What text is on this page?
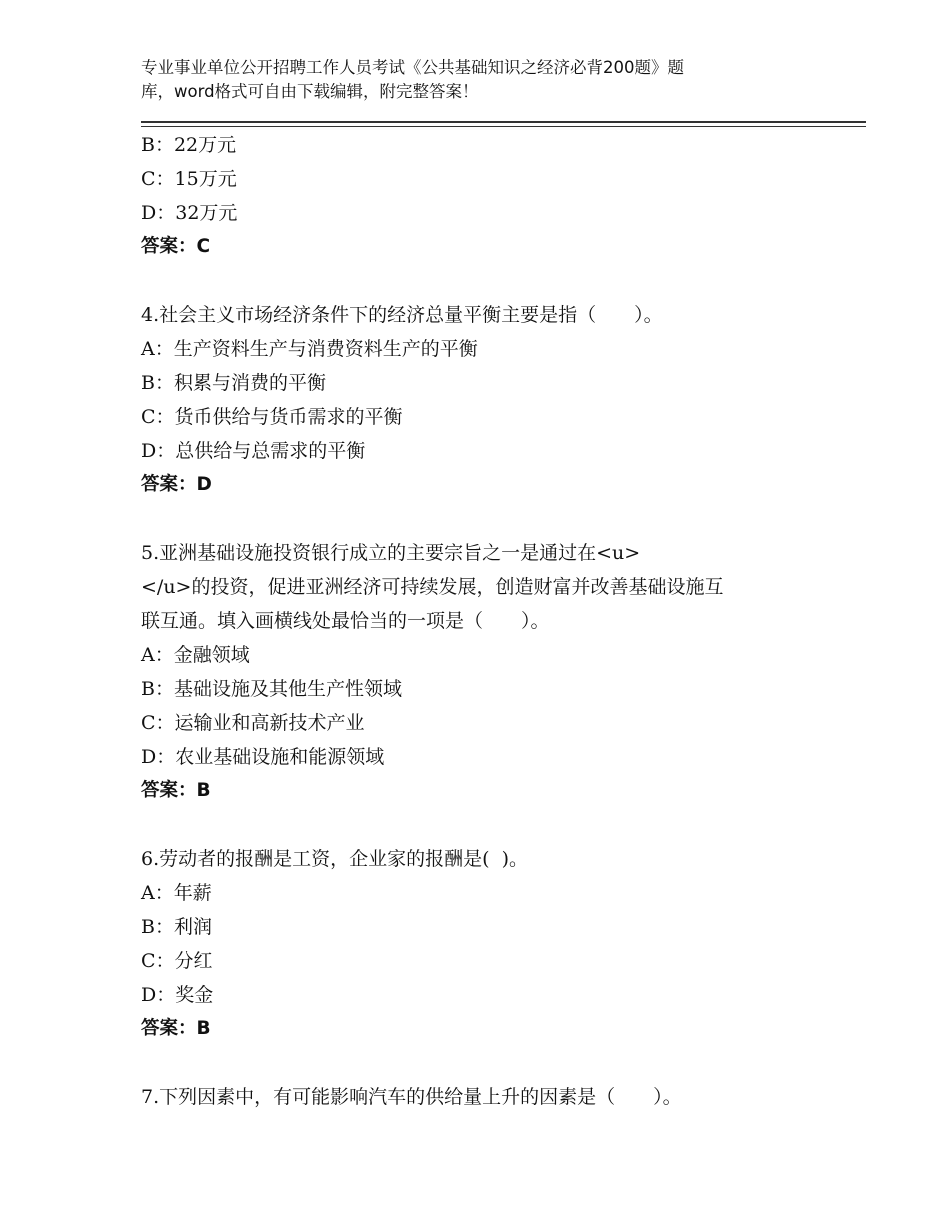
专业事业单位公开招聘工作人员考试《公共基础知识之经济必背200题》题
库，word格式可自由下载编辑，附完整答案！
B：22万元
C：15万元
D：32万元
答案：C
4.社会主义市场经济条件下的经济总量平衡主要是指（　　）。
A：生产资料生产与消费资料生产的平衡
B：积累与消费的平衡
C：货币供给与货币需求的平衡
D：总供给与总需求的平衡
答案：D
5.亚洲基础设施投资银行成立的主要宗旨之一是通过在<u>
</u>的投资，促进亚洲经济可持续发展，创造财富并改善基础设施互
联互通。填入画横线处最恰当的一项是（　　）。
A：金融领域
B：基础设施及其他生产性领域
C：运输业和高新技术产业
D：农业基础设施和能源领域
答案：B
6.劳动者的报酬是工资，企业家的报酬是(  )。
A：年薪
B：利润
C：分红
D：奖金
答案：B
7.下列因素中，有可能影响汽车的供给量上升的因素是（　　）。
